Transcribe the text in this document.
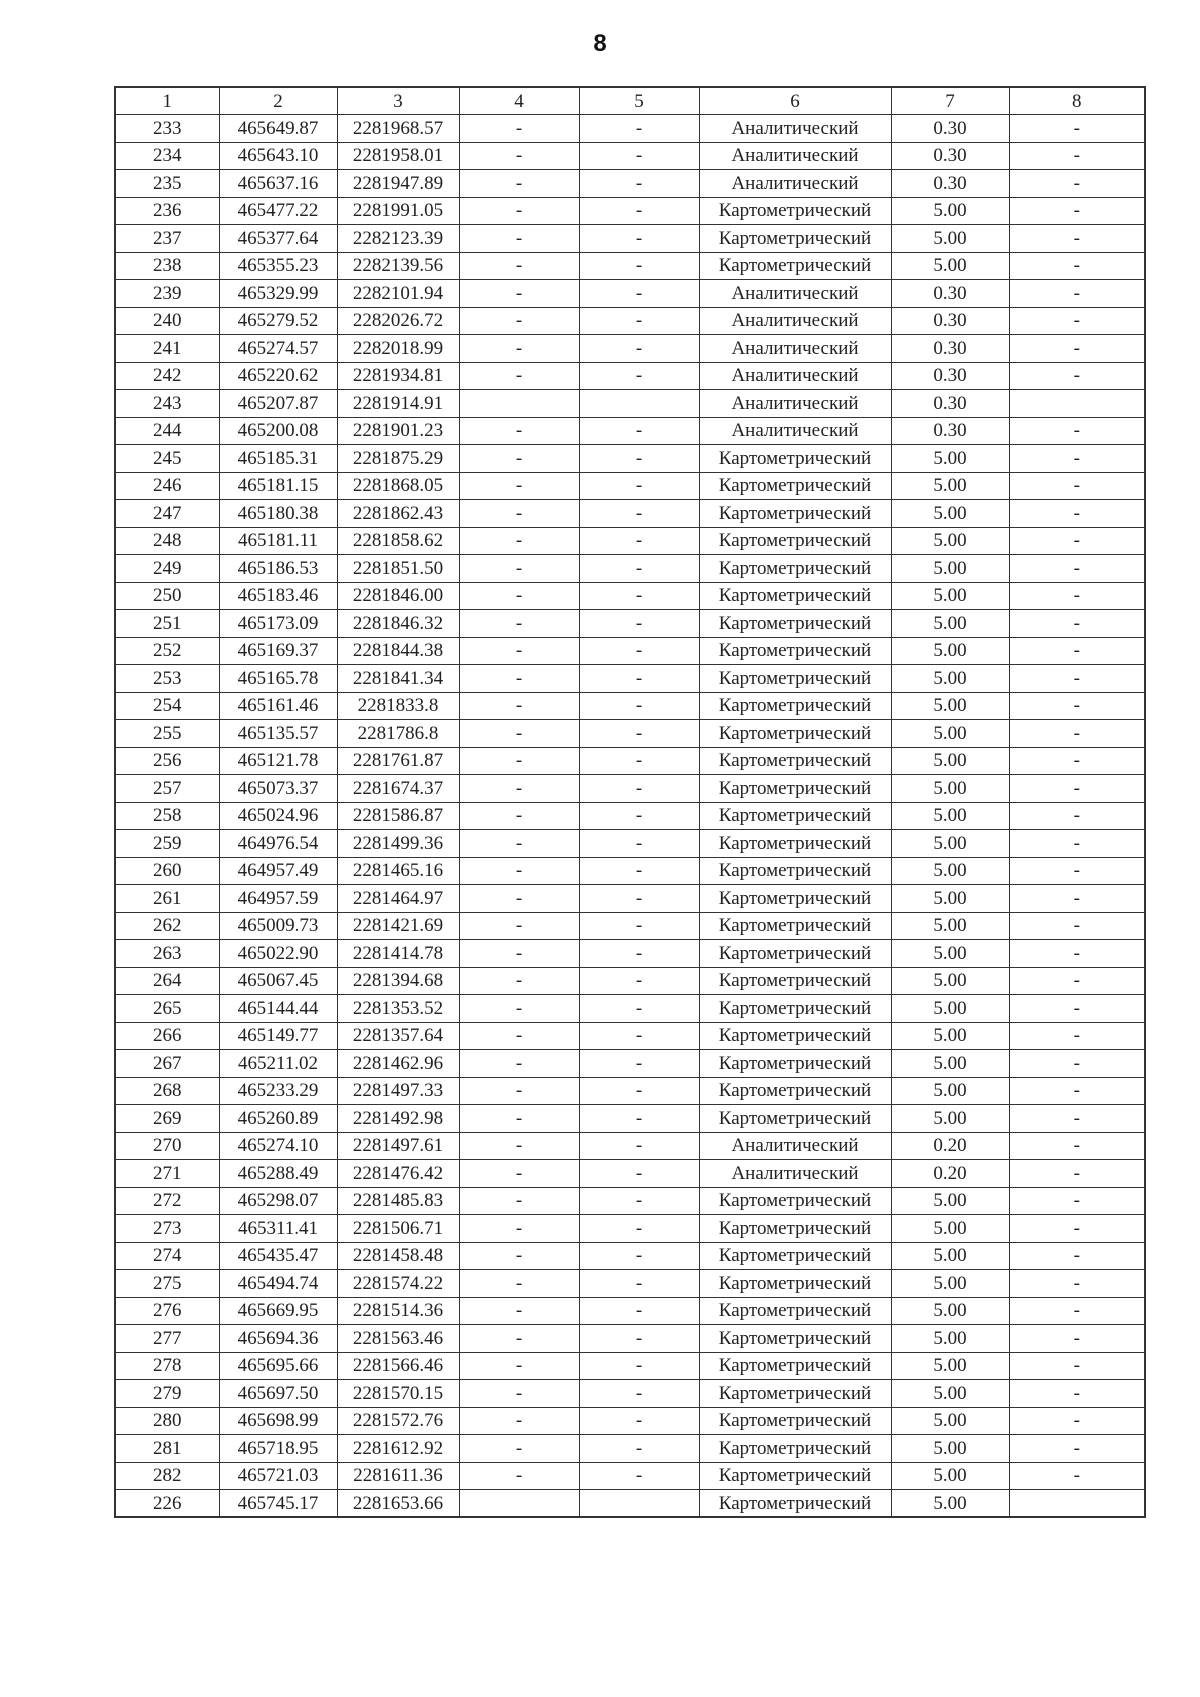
8
1	2	3	4	5	6	7	8
233	465649.87	2281968.57	-	-	Аналитический	0.30	-
234	465643.10	2281958.01	-	-	Аналитический	0.30	-
235	465637.16	2281947.89	-	-	Аналитический	0.30	-
236	465477.22	2281991.05	-	-	Картометрический	5.00	-
237	465377.64	2282123.39	-	-	Картометрический	5.00	-
238	465355.23	2282139.56	-	-	Картометрический	5.00	-
239	465329.99	2282101.94	-	-	Аналитический	0.30	-
240	465279.52	2282026.72	-	-	Аналитический	0.30	-
241	465274.57	2282018.99	-	-	Аналитический	0.30	-
242	465220.62	2281934.81	-	-	Аналитический	0.30	-
243	465207.87	2281914.91			Аналитический	0.30	
244	465200.08	2281901.23	-	-	Аналитический	0.30	-
245	465185.31	2281875.29	-	-	Картометрический	5.00	-
246	465181.15	2281868.05	-	-	Картометрический	5.00	-
247	465180.38	2281862.43	-	-	Картометрический	5.00	-
248	465181.11	2281858.62	-	-	Картометрический	5.00	-
249	465186.53	2281851.50	-	-	Картометрический	5.00	-
250	465183.46	2281846.00	-	-	Картометрический	5.00	-
251	465173.09	2281846.32	-	-	Картометрический	5.00	-
252	465169.37	2281844.38	-	-	Картометрический	5.00	-
253	465165.78	2281841.34	-	-	Картометрический	5.00	-
254	465161.46	2281833.8	-	-	Картометрический	5.00	-
255	465135.57	2281786.8	-	-	Картометрический	5.00	-
256	465121.78	2281761.87	-	-	Картометрический	5.00	-
257	465073.37	2281674.37	-	-	Картометрический	5.00	-
258	465024.96	2281586.87	-	-	Картометрический	5.00	-
259	464976.54	2281499.36	-	-	Картометрический	5.00	-
260	464957.49	2281465.16	-	-	Картометрический	5.00	-
261	464957.59	2281464.97	-	-	Картометрический	5.00	-
262	465009.73	2281421.69	-	-	Картометрический	5.00	-
263	465022.90	2281414.78	-	-	Картометрический	5.00	-
264	465067.45	2281394.68	-	-	Картометрический	5.00	-
265	465144.44	2281353.52	-	-	Картометрический	5.00	-
266	465149.77	2281357.64	-	-	Картометрический	5.00	-
267	465211.02	2281462.96	-	-	Картометрический	5.00	-
268	465233.29	2281497.33	-	-	Картометрический	5.00	-
269	465260.89	2281492.98	-	-	Картометрический	5.00	-
270	465274.10	2281497.61	-	-	Аналитический	0.20	-
271	465288.49	2281476.42	-	-	Аналитический	0.20	-
272	465298.07	2281485.83	-	-	Картометрический	5.00	-
273	465311.41	2281506.71	-	-	Картометрический	5.00	-
274	465435.47	2281458.48	-	-	Картометрический	5.00	-
275	465494.74	2281574.22	-	-	Картометрический	5.00	-
276	465669.95	2281514.36	-	-	Картометрический	5.00	-
277	465694.36	2281563.46	-	-	Картометрический	5.00	-
278	465695.66	2281566.46	-	-	Картометрический	5.00	-
279	465697.50	2281570.15	-	-	Картометрический	5.00	-
280	465698.99	2281572.76	-	-	Картометрический	5.00	-
281	465718.95	2281612.92	-	-	Картометрический	5.00	-
282	465721.03	2281611.36	-	-	Картометрический	5.00	-
226	465745.17	2281653.66			Картометрический	5.00	
